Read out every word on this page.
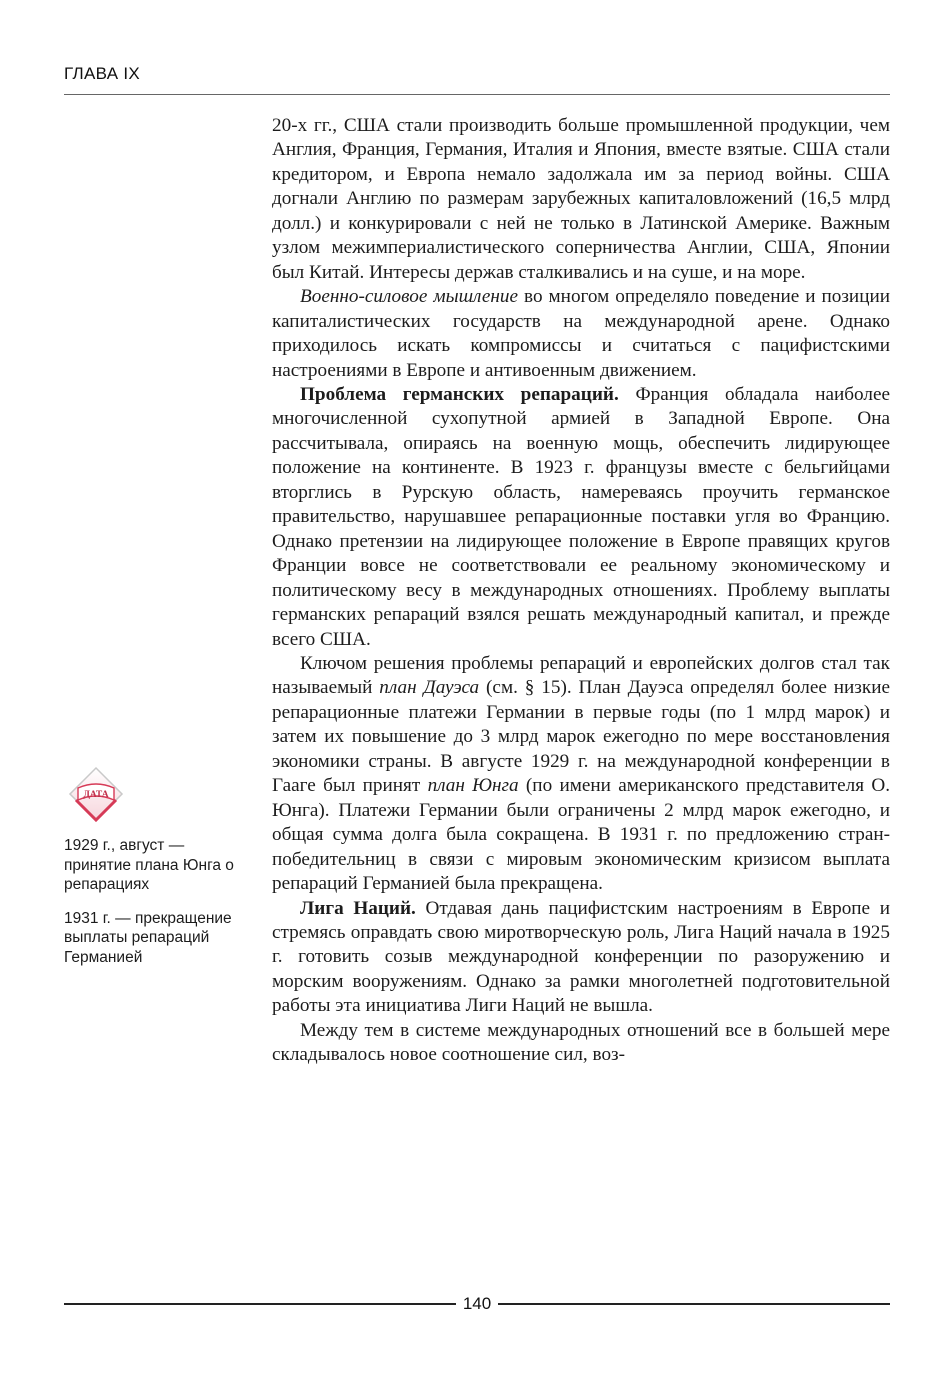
ГЛАВА IX

20-х гг., США стали производить больше промышленной продукции, чем Англия, Франция, Германия, Италия и Япония, вместе взятые. США стали кредитором, и Европа немало задолжала им за период войны. США догнали Англию по размерам зарубежных капиталовложений (16,5 млрд долл.) и конкурировали с ней не только в Латинской Америке. Важным узлом межимпериалистического соперничества Англии, США, Японии был Китай. Интересы держав сталкивались и на суше, и на море.

Военно-силовое мышление во многом определяло поведение и позиции капиталистических государств на международной арене. Однако приходилось искать компромиссы и считаться с пацифистскими настроениями в Европе и антивоенным движением.

Проблема германских репараций. Франция обладала наиболее многочисленной сухопутной армией в Западной Европе. Она рассчитывала, опираясь на военную мощь, обеспечить лидирующее положение на континенте. В 1923 г. французы вместе с бельгийцами вторглись в Рурскую область, намереваясь проучить германское правительство, нарушавшее репарационные поставки угля во Францию. Однако претензии на лидирующее положение в Европе правящих кругов Франции вовсе не соответствовали ее реальному экономическому и политическому весу в международных отношениях. Проблему выплаты германских репараций взялся решать международный капитал, и прежде всего США.

Ключом решения проблемы репараций и европейских долгов стал так называемый план Дауэса (см. § 15). План Дауэса определял более низкие репарационные платежи Германии в первые годы (по 1 млрд марок) и затем их повышение до 3 млрд марок ежегодно по мере восстановления экономики страны. В августе 1929 г. на международной конференции в Гааге был принят план Юнга (по имени американского представителя О. Юнга). Платежи Германии были ограничены 2 млрд марок ежегодно, и общая сумма долга была сокращена. В 1931 г. по предложению стран-победительниц в связи с мировым экономическим кризисом выплата репараций Германией была прекращена.

Лига Наций. Отдавая дань пацифистским настроениям в Европе и стремясь оправдать свою миротворческую роль, Лига Наций начала в 1925 г. готовить созыв международной конференции по разоружению и морским вооружениям. Однако за рамки многолетней подготовительной работы эта инициатива Лиги Наций не вышла.

Между тем в системе международных отношений все в большей мере складывалось новое соотношение сил, воз-

ДАТА
1929 г., август — принятие плана Юнга о репарациях
1931 г. — прекращение выплаты репараций Германией
140
